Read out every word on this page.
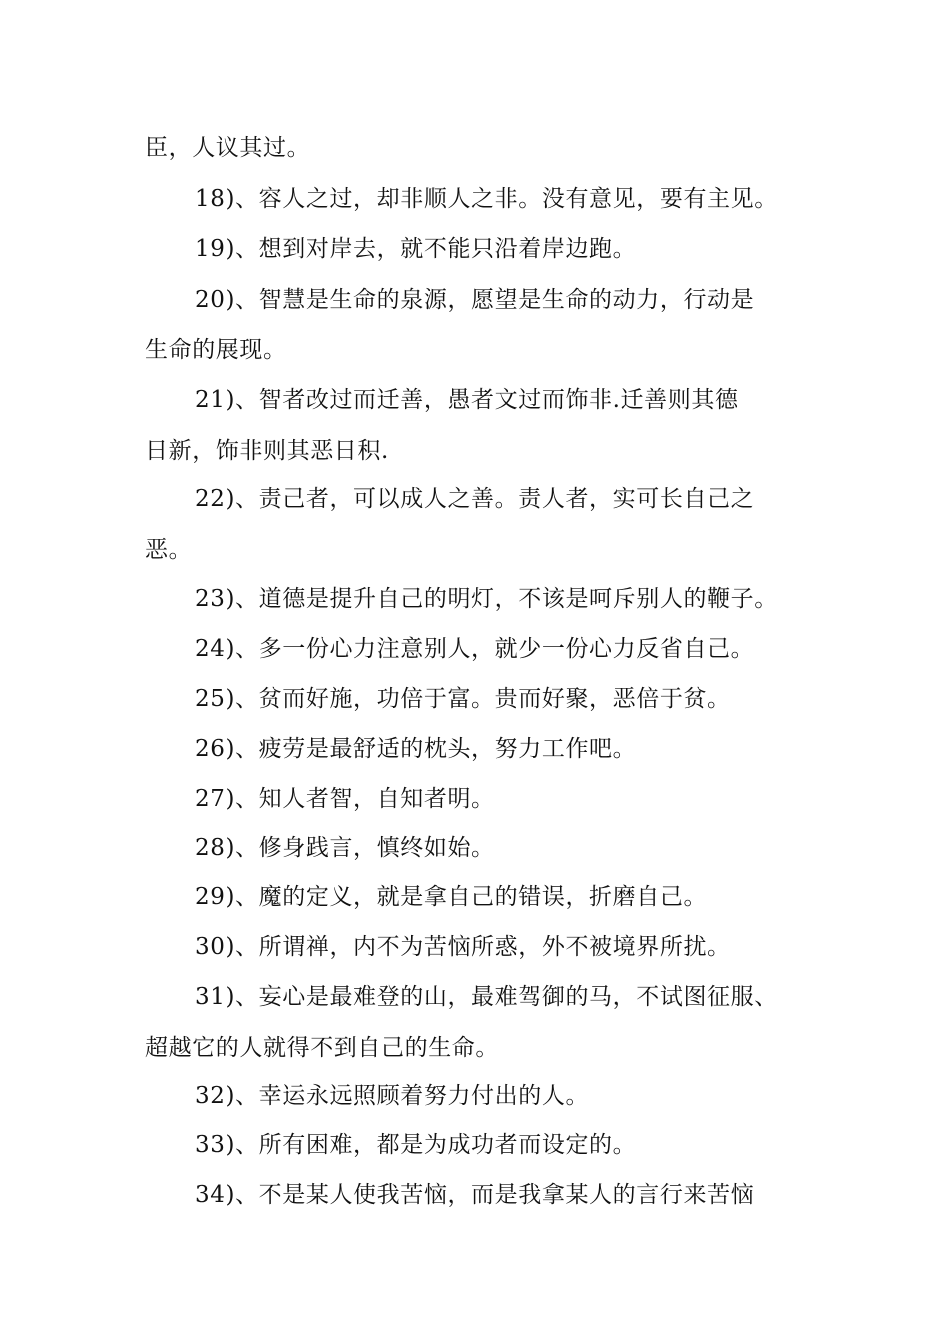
臣，人议其过。
18)、容人之过，却非顺人之非。没有意见，要有主见。
19)、想到对岸去，就不能只沿着岸边跑。
20)、智慧是生命的泉源，愿望是生命的动力，行动是
生命的展现。
21)、智者改过而迁善，愚者文过而饰非.迁善则其德
日新，饰非则其恶日积.
22)、责己者，可以成人之善。责人者，实可长自己之
恶。
23)、道德是提升自己的明灯，不该是呵斥别人的鞭子。
24)、多一份心力注意别人，就少一份心力反省自己。
25)、贫而好施，功倍于富。贵而好聚，恶倍于贫。
26)、疲劳是最舒适的枕头，努力工作吧。
27)、知人者智，自知者明。
28)、修身践言，慎终如始。
29)、魔的定义，就是拿自己的错误，折磨自己。
30)、所谓禅，内不为苦恼所惑，外不被境界所扰。
31)、妄心是最难登的山，最难驾御的马，不试图征服、
超越它的人就得不到自己的生命。
32)、幸运永远照顾着努力付出的人。
33)、所有困难，都是为成功者而设定的。
34)、不是某人使我苦恼，而是我拿某人的言行来苦恼
